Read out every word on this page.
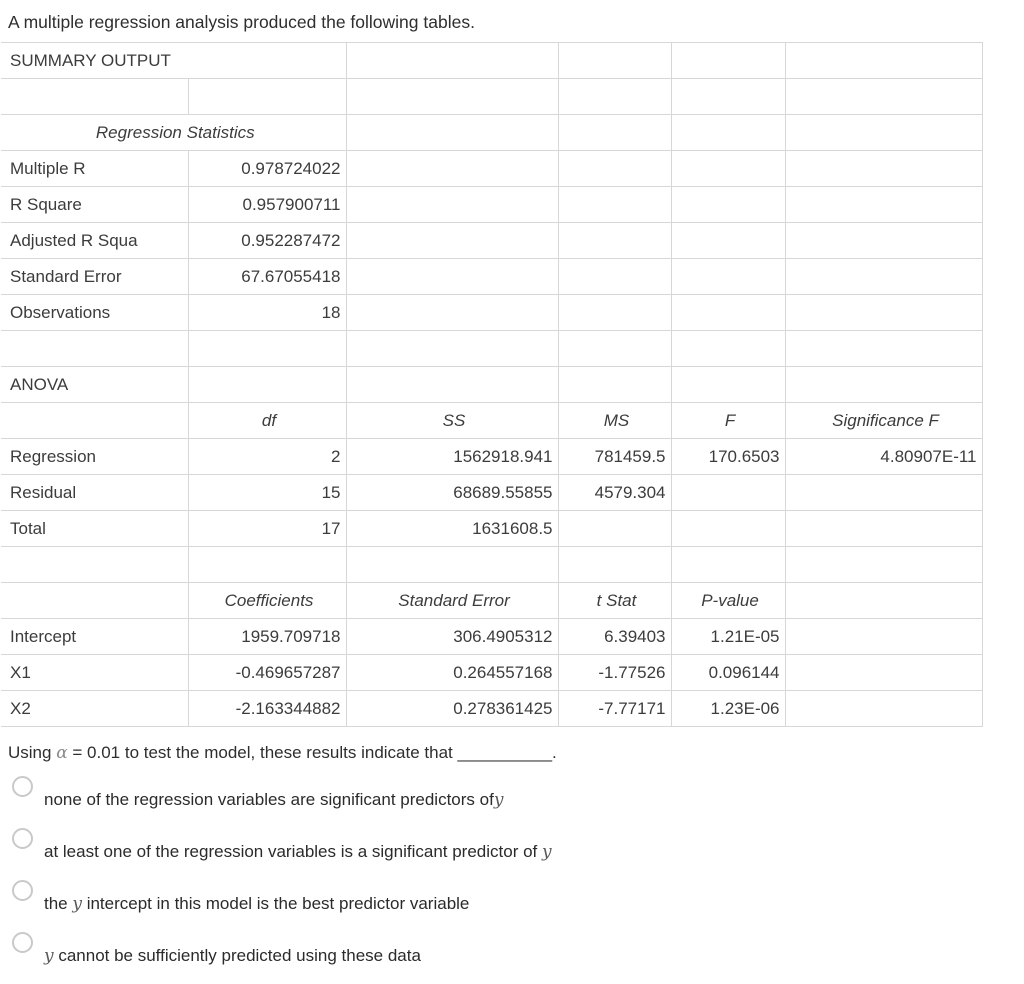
A multiple regression analysis produced the following tables.
SUMMARY OUTPUT					

Regression Statistics					
Multiple R	0.978724022				
R Square	0.957900711				
Adjusted R Squa	0.952287472				
Standard Error	67.67055418				
Observations	18				

ANOVA					
	df	SS	MS	F	Significance F
Regression	2	1562918.941	781459.5	170.6503	4.80907E-11
Residual	15	68689.55855	4579.304		
Total	17	1631608.5			

	Coefficients	Standard Error	t Stat	P-value	
Intercept	1959.709718	306.4905312	6.39403	1.21E-05	
X1	-0.469657287	0.264557168	-1.77526	0.096144	
X2	-2.163344882	0.278361425	-7.77171	1.23E-06	
Using α = 0.01 to test the model, these results indicate that __________.
none of the regression variables are significant predictors ofy
at least one of the regression variables is a significant predictor of y
the y intercept in this model is the best predictor variable
y cannot be sufficiently predicted using these data
